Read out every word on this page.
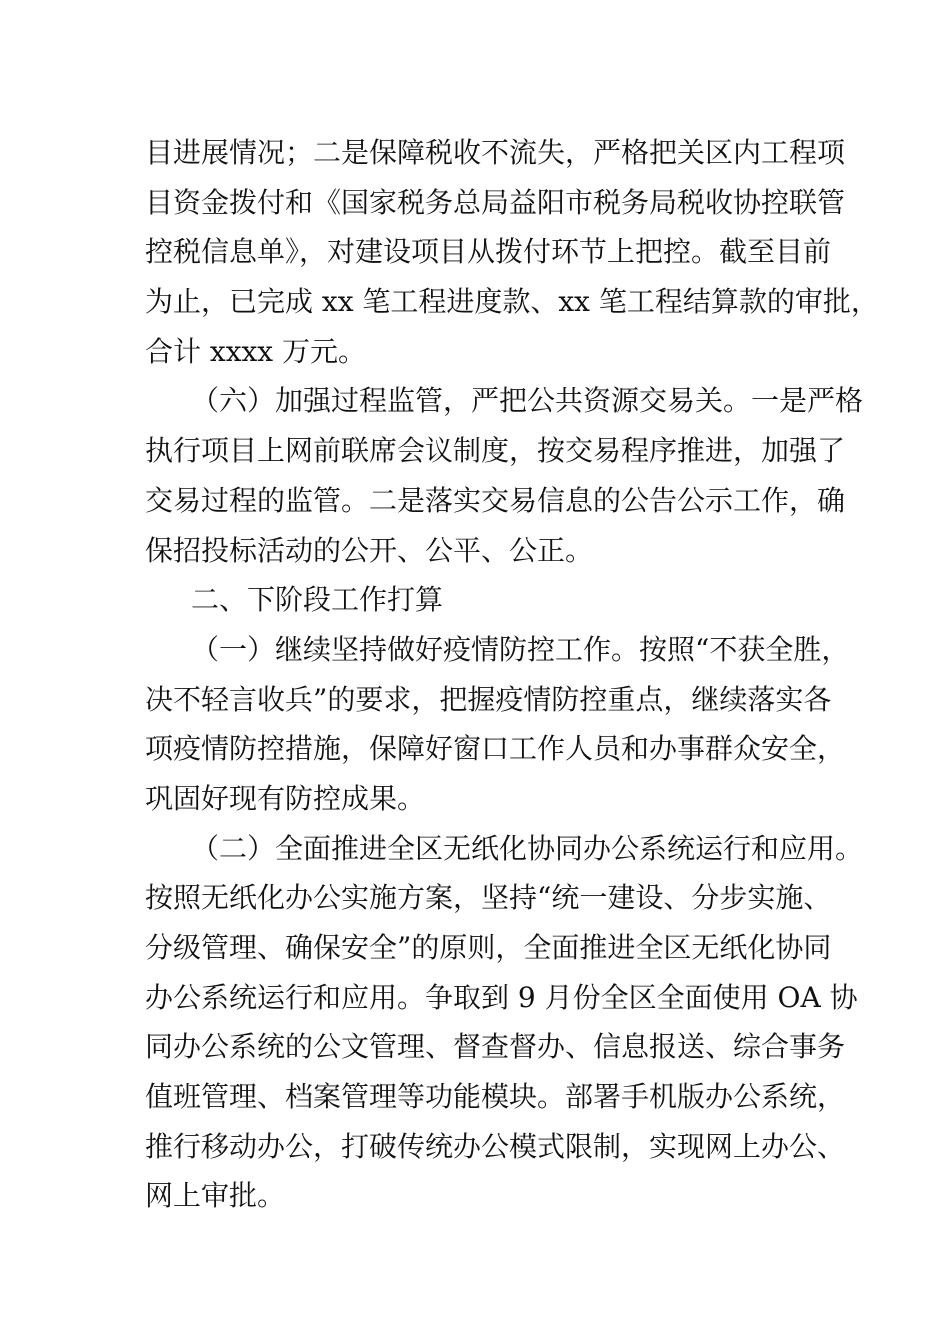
目进展情况；二是保障税收不流失，严格把关区内工程项
目资金拨付和《国家税务总局益阳市税务局税收协控联管
控税信息单》，对建设项目从拨付环节上把控。截至目前
为止，已完成 xx 笔工程进度款、xx 笔工程结算款的审批，
合计 xxxx 万元。
（六）加强过程监管，严把公共资源交易关。一是严格
执行项目上网前联席会议制度，按交易程序推进，加强了
交易过程的监管。二是落实交易信息的公告公示工作，确
保招投标活动的公开、公平、公正。
二、下阶段工作打算
（一）继续坚持做好疫情防控工作。按照“不获全胜，
决不轻言收兵”的要求，把握疫情防控重点，继续落实各
项疫情防控措施，保障好窗口工作人员和办事群众安全，
巩固好现有防控成果。
（二）全面推进全区无纸化协同办公系统运行和应用。
按照无纸化办公实施方案，坚持“统一建设、分步实施、
分级管理、确保安全”的原则，全面推进全区无纸化协同
办公系统运行和应用。争取到 9 月份全区全面使用 OA 协
同办公系统的公文管理、督查督办、信息报送、综合事务
值班管理、档案管理等功能模块。部署手机版办公系统，
推行移动办公，打破传统办公模式限制，实现网上办公、
网上审批。
